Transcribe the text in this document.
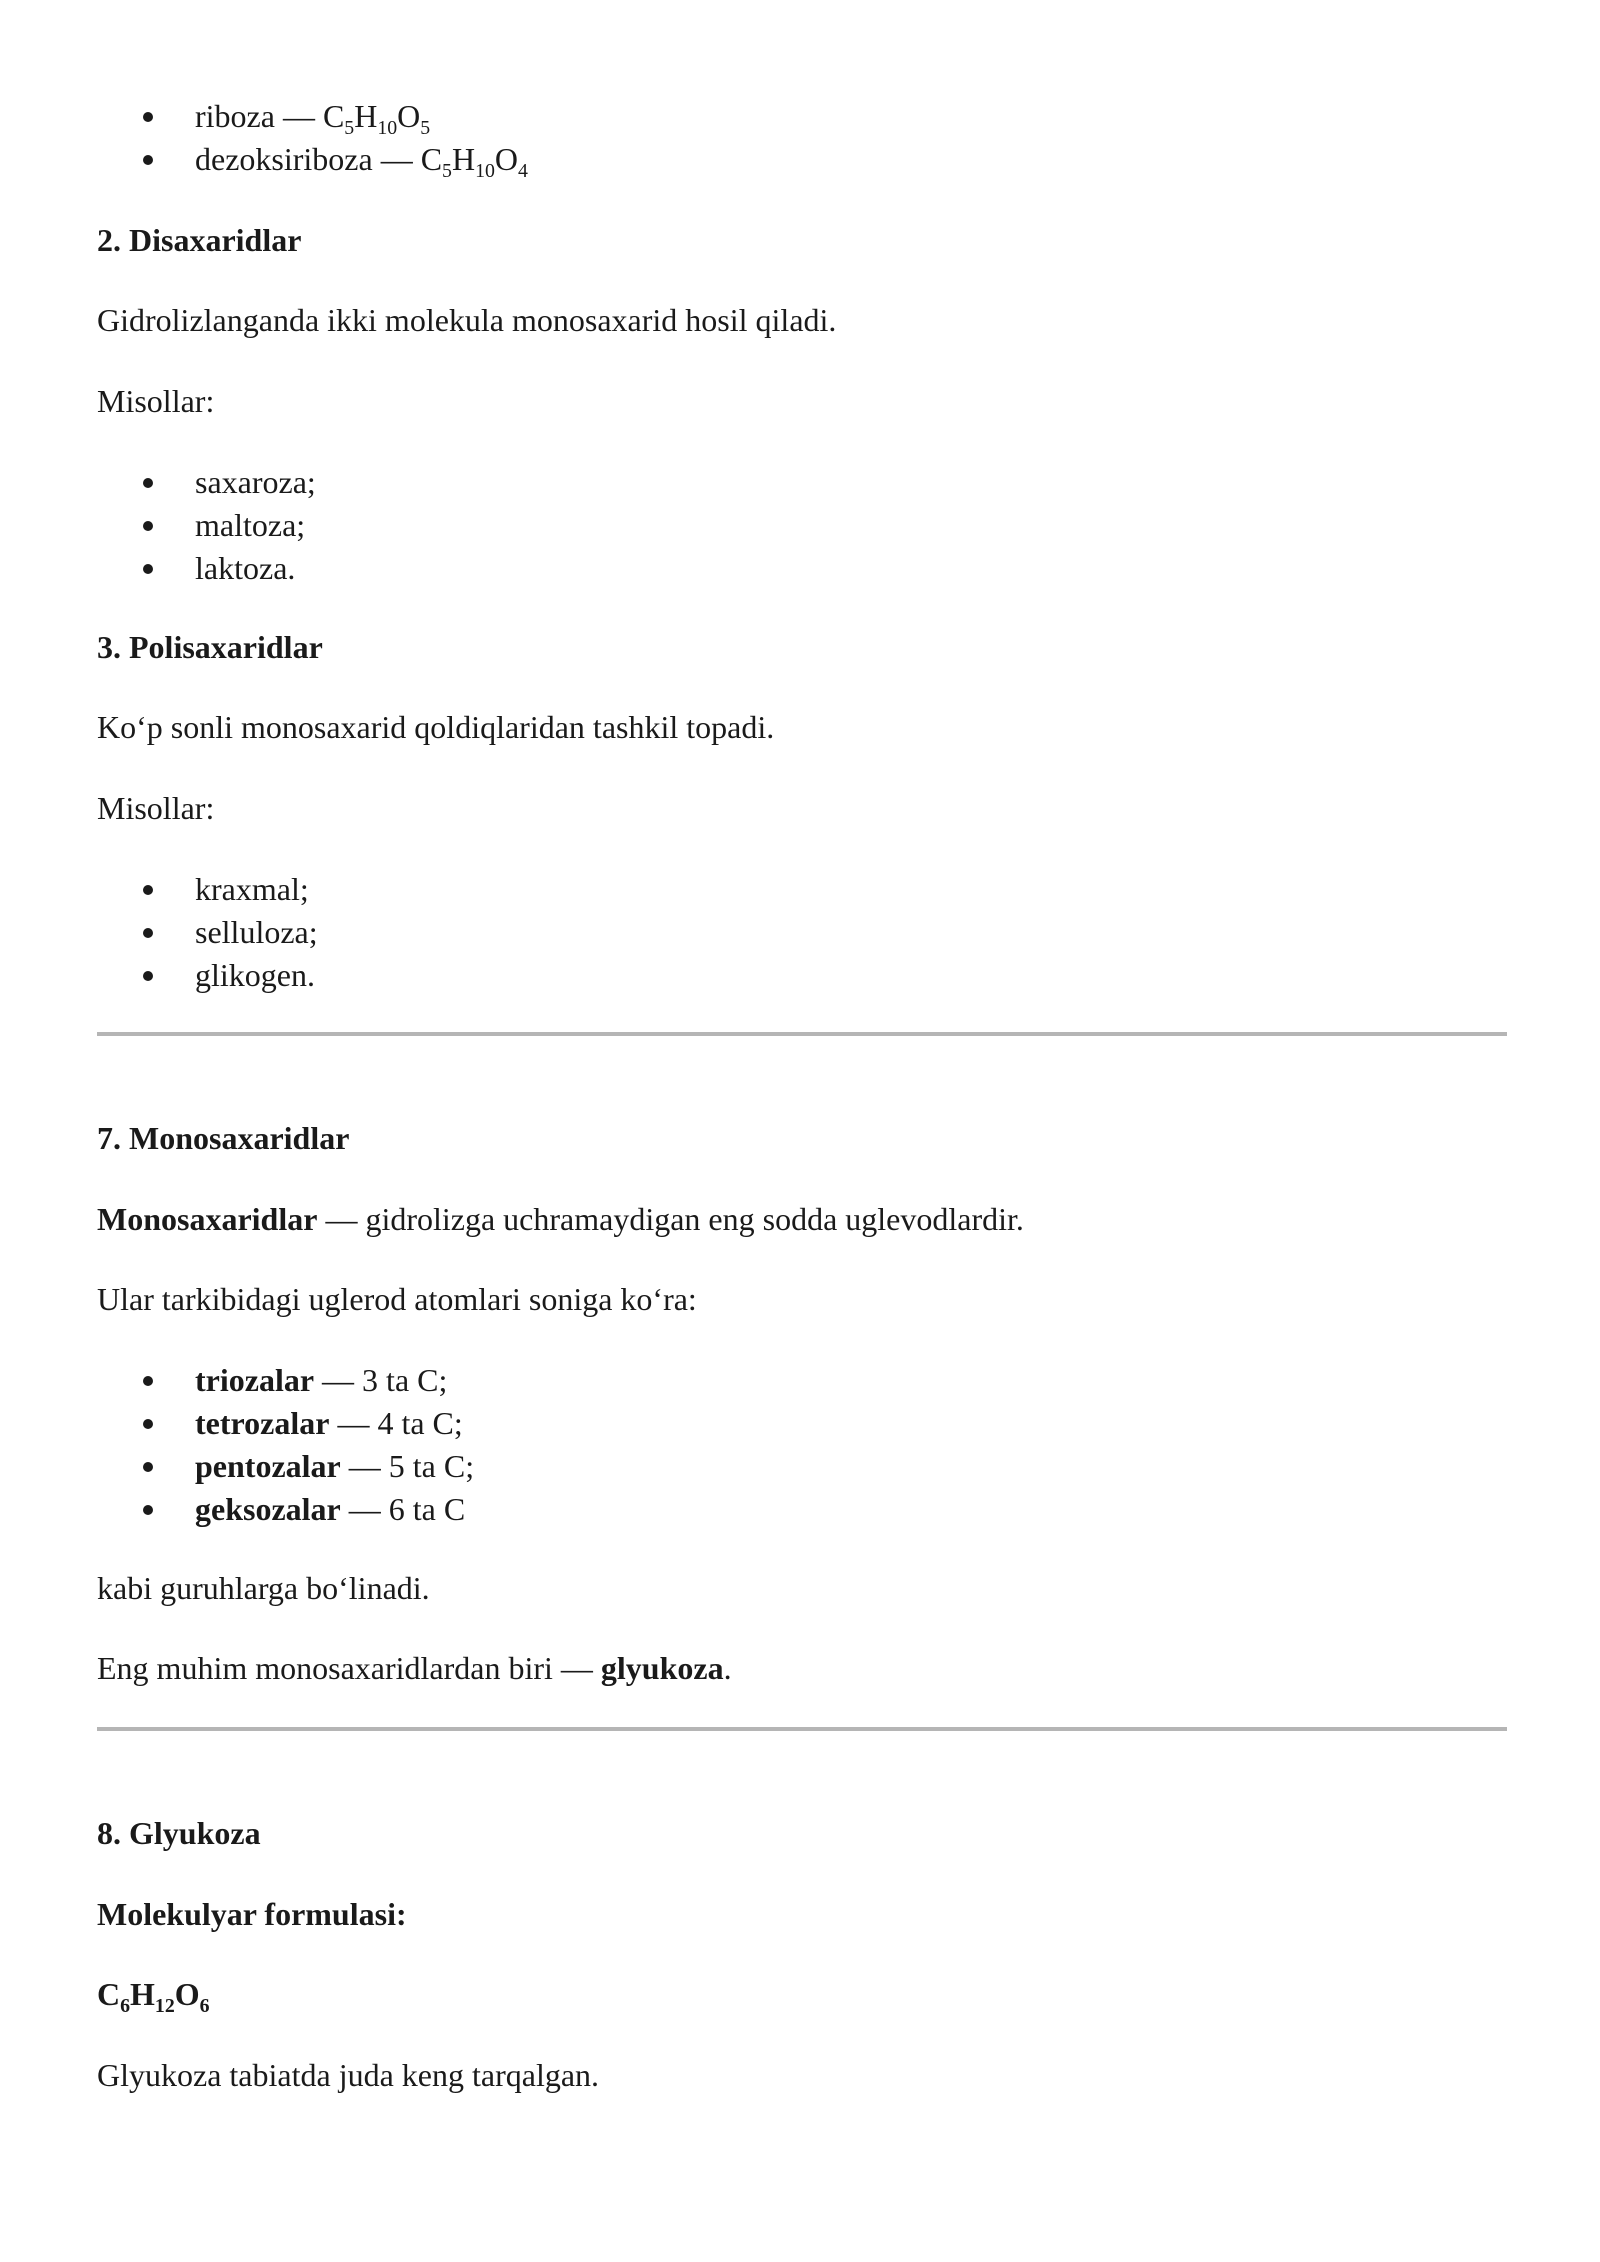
riboza — $C_5H_{10}O_5$
dezoksiriboza — $C_5H_{10}O_4$
2. Disaxaridlar
Gidrolizlanganda ikki molekula monosaxarid hosil qiladi.
Misollar:
saxaroza;
maltoza;
laktoza.
3. Polisaxaridlar
Koʻp sonli monosaxarid qoldiqlaridan tashkil topadi.
Misollar:
kraxmal;
selluloza;
glikogen.
7. Monosaxaridlar
Monosaxaridlar — gidrolizga uchramaydigan eng sodda uglevodlardir.
Ular tarkibidagi uglerod atomlari soniga koʻra:
triozalar — 3 ta C;
tetrozalar — 4 ta C;
pentozalar — 5 ta C;
geksozalar — 6 ta C
kabi guruhlarga boʻlinadi.
Eng muhim monosaxaridlardan biri — glyukoza.
8. Glyukoza
Molekulyar formulasi:
$C_6H_{12}O_6$
Glyukoza tabiatda juda keng tarqalgan.
